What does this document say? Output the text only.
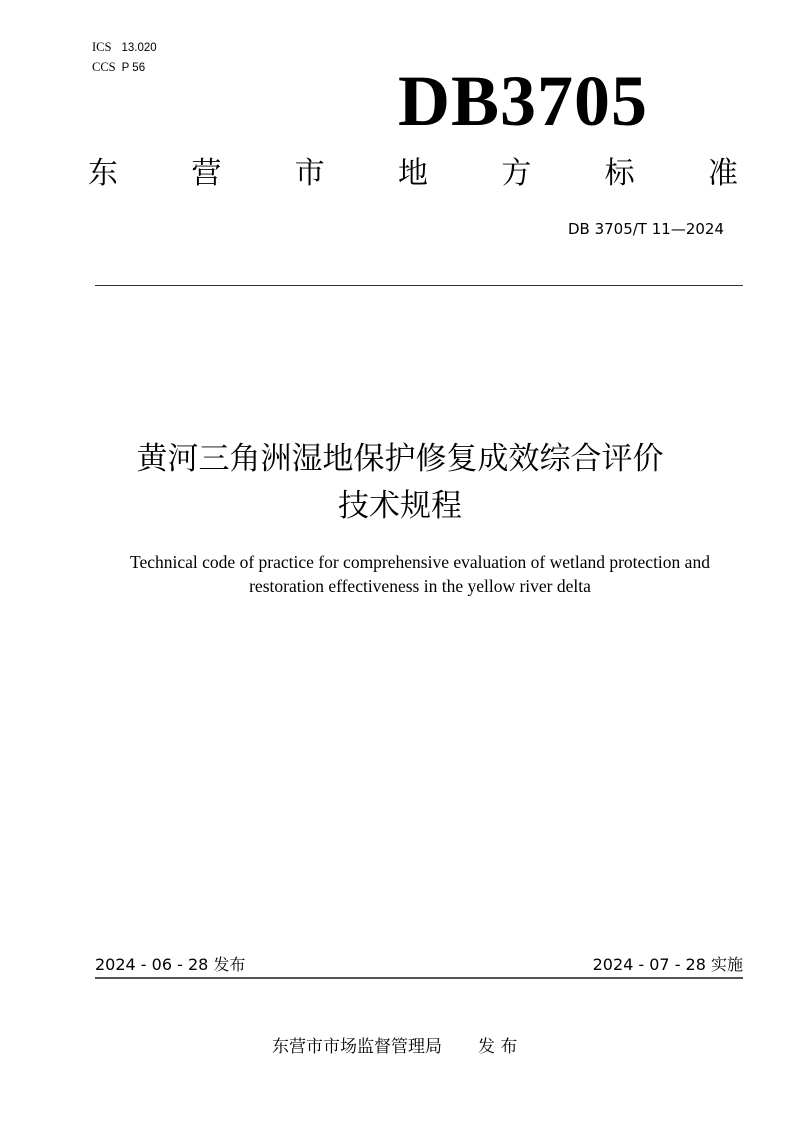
ICS 13.020
CCS P 56	DB3705
东 营 市 地 方 标 准
DB 3705/T 11—2024
黄河三角洲湿地保护修复成效综合评价
技术规程
Technical code of practice for comprehensive evaluation of wetland protection and
restoration effectiveness in the yellow river delta
2024 - 06 - 28 发布	2024 - 07 - 28 实施
东营市市场监督管理局 发 布
